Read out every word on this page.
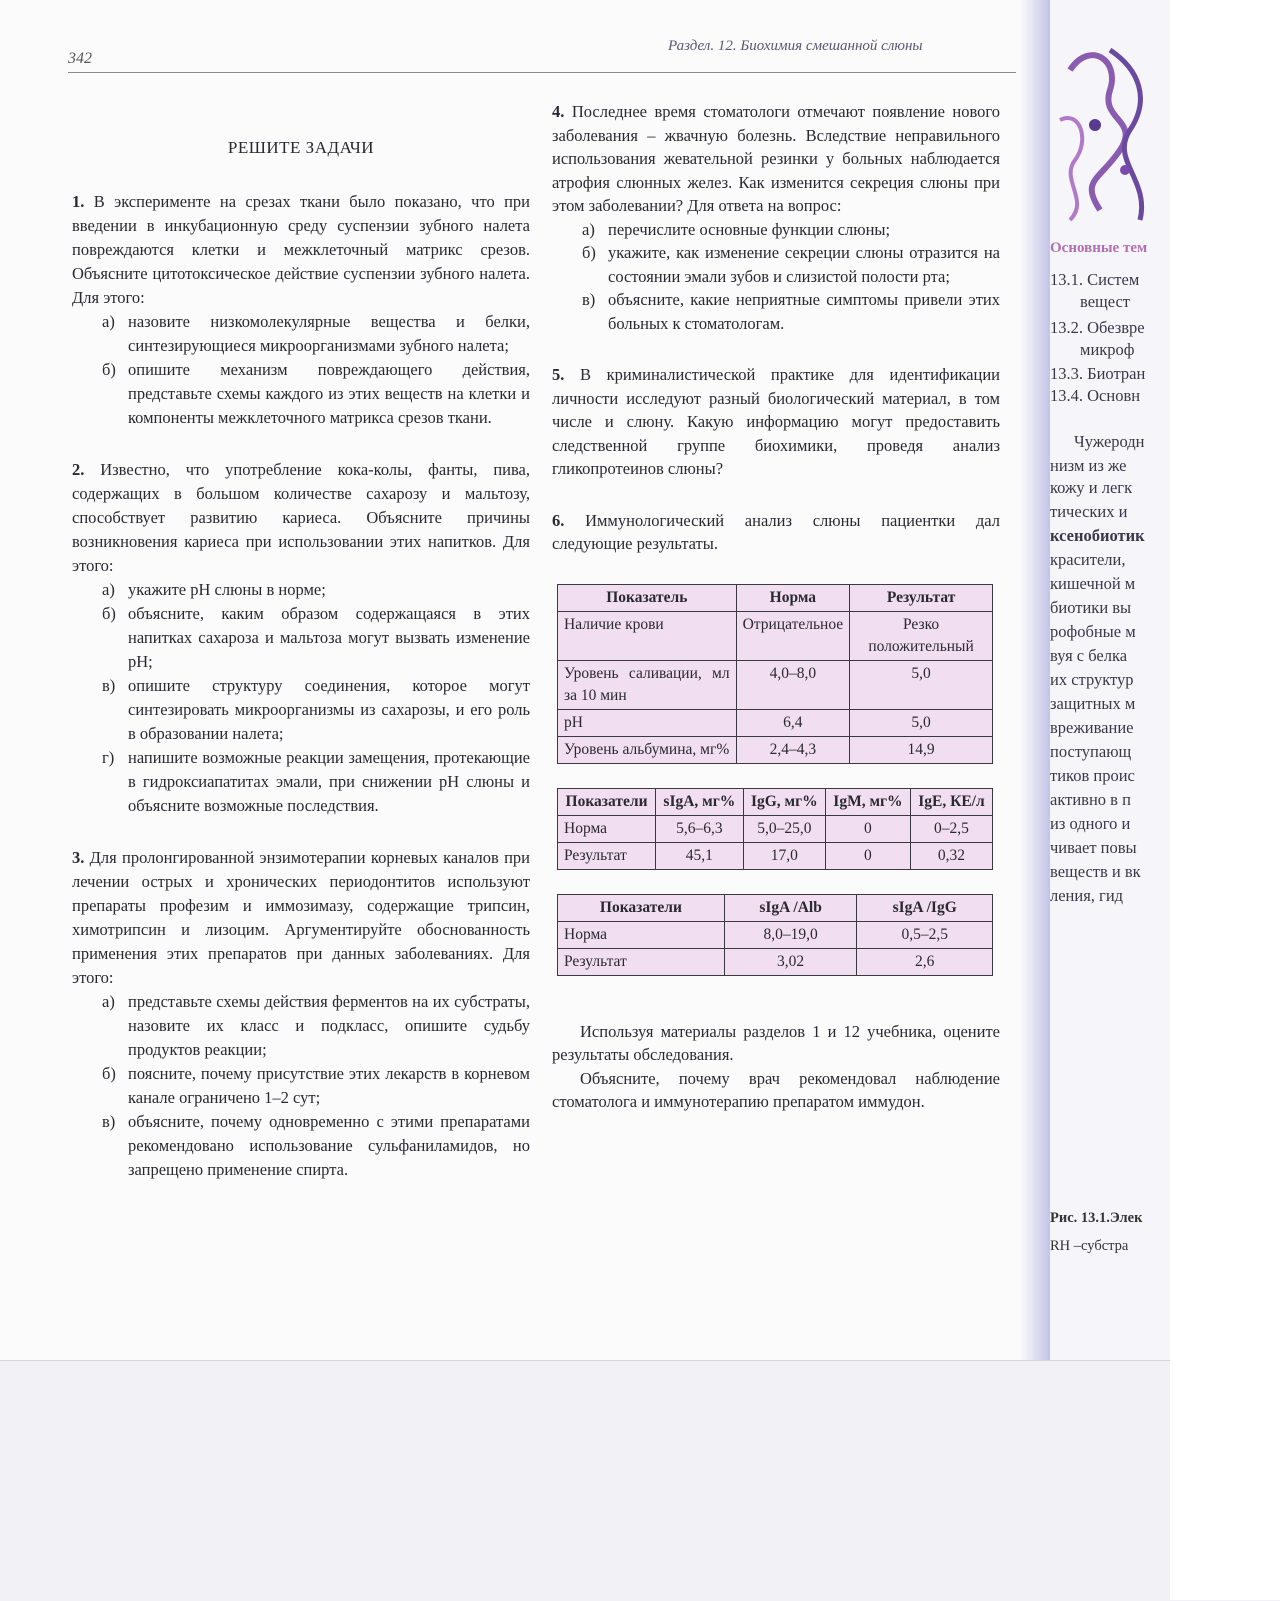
Основные тем
13.1. Систем
вещест
13.2. Обезвре
микроф
13.3. Биотран
13.4. Основн
Чужеродн
низм из же
кожу и легк
тических и
ксенобиотик
красители,
кишечной м
биотики вы
рофобные м
вуя с белка
их структур
защитных м
вреживание
поступающ
тиков проис
активно в п
из одного и
чивает повы
веществ и вк
ления, гид
Рис. 13.1.Элек
RH –субстра
342
Раздел. 12. Биохимия смешанной слюны
РЕШИТЕ ЗАДАЧИ

1. В эксперименте на срезах ткани было показано, что при введении в инкубационную среду суспензии зубного налета повреждаются клетки и межклеточный матрикс срезов. Объясните цитотоксическое действие суспензии зубного налета. Для этого:

а) назовите низкомолекулярные вещества и белки, синтезирующиеся микроорганизмами зубного налета;
б) опишите механизм повреждающего действия, представьте схемы каждого из этих веществ на клетки и компоненты межклеточного матрикса срезов ткани.

2. Известно, что употребление кока-колы, фанты, пива, содержащих в большом количестве сахарозу и мальтозу, способствует развитию кариеса. Объясните причины возникновения кариеса при использовании этих напитков. Для этого:

а) укажите pH слюны в норме;
б) объясните, каким образом содержащаяся в этих напитках сахароза и мальтоза могут вызвать изменение pH;
в) опишите структуру соединения, которое могут синтезировать микроорганизмы из сахарозы, и его роль в образовании налета;
г) напишите возможные реакции замещения, протекающие в гидроксиапатитах эмали, при снижении pH слюны и объясните возможные последствия.

3. Для пролонгированной энзимотерапии корневых каналов при лечении острых и хронических периодонтитов используют препараты профезим и иммозимазу, содержащие трипсин, химотрипсин и лизоцим. Аргументируйте обоснованность применения этих препаратов при данных заболеваниях. Для этого:

а) представьте схемы действия ферментов на их субстраты, назовите их класс и подкласс, опишите судьбу продуктов реакции;
б) поясните, почему присутствие этих лекарств в корневом канале ограничено 1–2 сут;
в) объясните, почему одновременно с этими препаратами рекомендовано использование сульфаниламидов, но запрещено применение спирта.

4. Последнее время стоматологи отмечают появление нового заболевания – жвачную болезнь. Вследствие неправильного использования жевательной резинки у больных наблюдается атрофия слюнных желез. Как изменится секреция слюны при этом заболевании? Для ответа на вопрос:

а) перечислите основные функции слюны;
б) укажите, как изменение секреции слюны отразится на состоянии эмали зубов и слизистой полости рта;
в) объясните, какие неприятные симптомы привели этих больных к стоматологам.

5. В криминалистической практике для идентификации личности исследуют разный биологический материал, в том числе и слюну. Какую информацию могут предоставить следственной группе биохимики, проведя анализ гликопротеинов слюны?

6. Иммунологический анализ слюны пациентки дал следующие результаты.

Показатель	Норма	Результат
Наличие крови	Отрицательное	Резко положительный
Уровень саливации, мл за 10 мин	4,0–8,0	5,0
pH	6,4	5,0
Уровень альбумина, мг%	2,4–4,3	14,9
Показатели	sIgA, мг%	IgG, мг%	IgM, мг%	IgE, КЕ/л
Норма	5,6–6,3	5,0–25,0	0	0–2,5
Результат	45,1	17,0	0	0,32
Показатели	sIgA /Alb	sIgA /IgG
Норма	8,0–19,0	0,5–2,5
Результат	3,02	2,6

Используя материалы разделов 1 и 12 учебника, оцените результаты обследования.

Объясните, почему врач рекомендовал наблюдение стоматолога и иммунотерапию препаратом иммудон.
